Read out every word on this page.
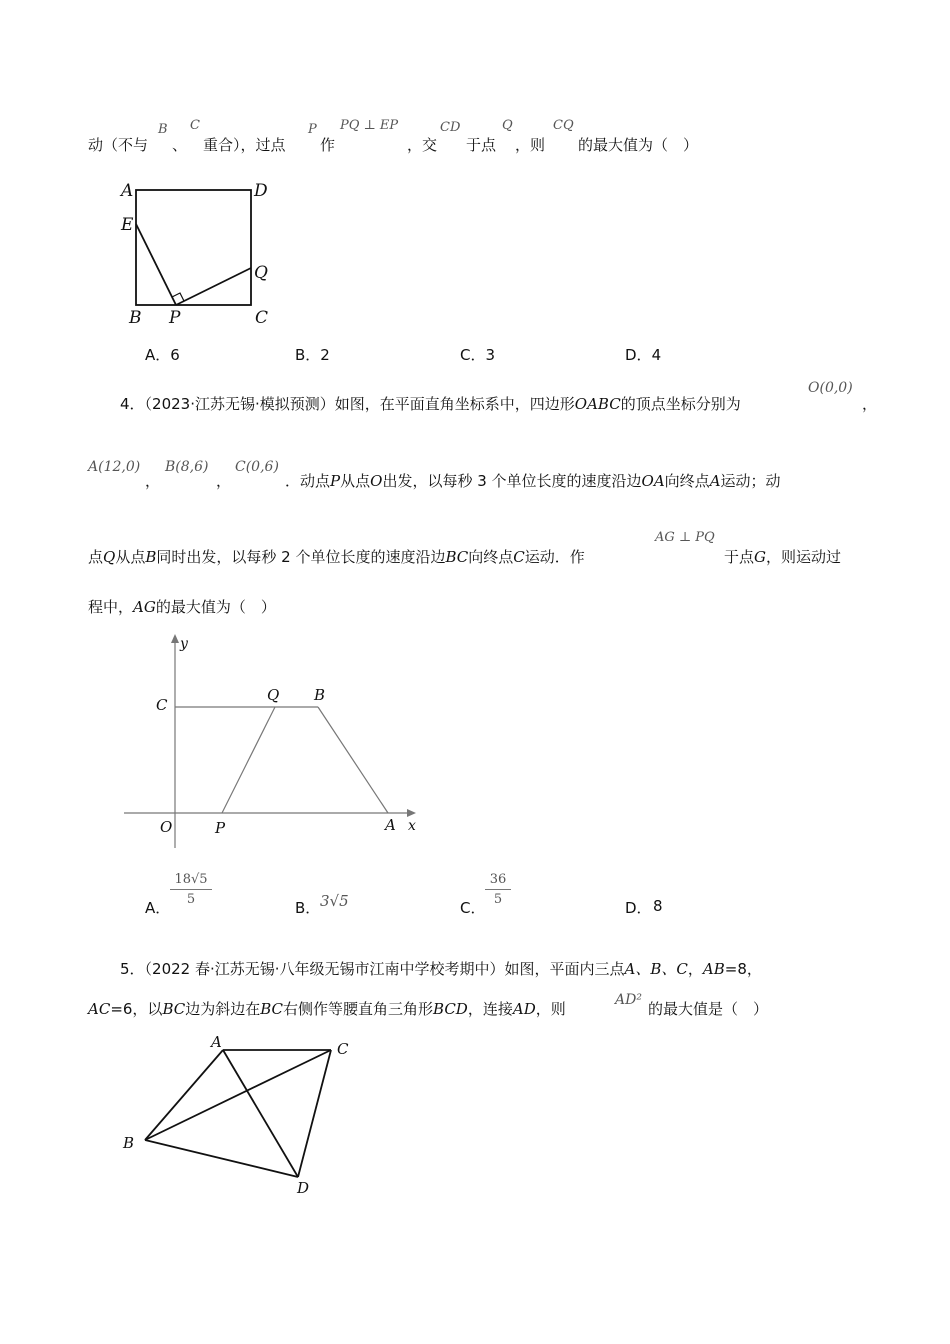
动（不与
B
、
C
重合），过点
P
作
PQ ⊥ EP
，交
CD
于点
Q
，则
CQ
的最大值为（　）
A	D
E
Q
B P	C
A．6	B．2	C．3	D．4
4．（2023·江苏无锡·模拟预测）如图，在平面直角坐标系中，四边形OABC的顶点坐标分别为
O(0,0)
，
A(12,0)
，
B(8,6)
，
C(0,6)
．动点P从点O出发，以每秒 3 个单位长度的速度沿边OA向终点A运动；动
点Q从点B同时出发，以每秒 2 个单位长度的速度沿边BC向终点C运动．作
AG ⊥ PQ
于点G，则运动过
程中，AG的最大值为（　）
y
C
Q B
O	P	A x
A．
18√5
5	B． 3√5	C．
36
5	D． 8
5．（2022 春·江苏无锡·八年级无锡市江南中学校考期中）如图，平面内三点A、B、C，AB=8，
AC=6，以BC边为斜边在BC右侧作等腰直角三角形BCD，连接AD，则	AD² 的最大值是（　）
A	C
B
D
